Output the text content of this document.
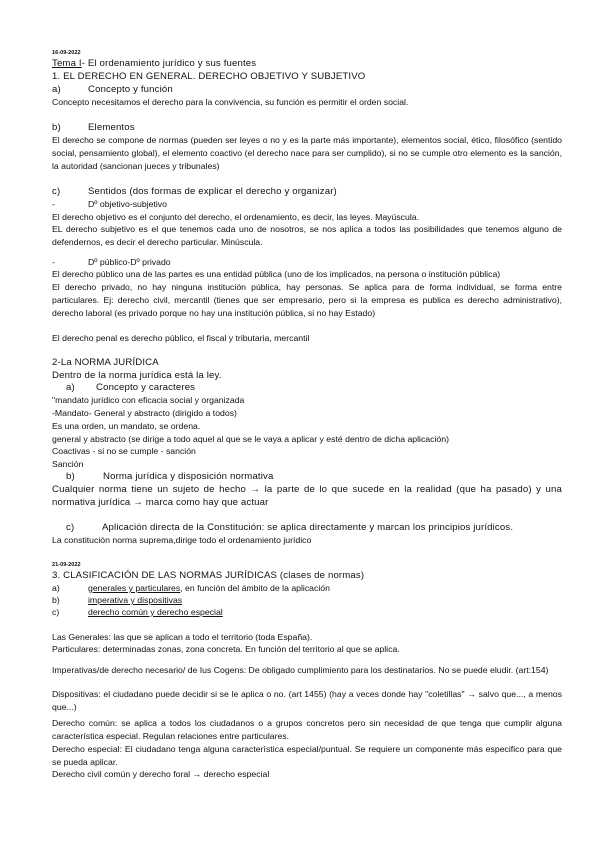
16-09-2022
Tema I- El ordenamiento jurídico y sus fuentes
1. EL DERECHO EN GENERAL. DERECHO OBJETIVO Y SUBJETIVO
a)	Concepto y función
Concepto necesitamos el derecho para la convivencia, su función es permitir el orden social.
b)	Elementos
El derecho se compone de normas (pueden ser leyes o no y es la parte más importante), elementos social, ético, filosófico (sentido social, pensamiento global), el elemento coactivo (el derecho nace para ser cumplido), si no se cumple otro elemento es la sanción, la autoridad (sancionan jueces y tribunales)
c)	Sentidos (dos formas de explicar el derecho y organizar)
-	Dº objetivo-subjetivo
El derecho objetivo es el conjunto del derecho, el ordenamiento, es decir, las leyes. Mayúscula.
EL derecho subjetivo es el que tenemos cada uno de nosotros, se nos aplica a todos las posibilidades que tenemos alguno de defendernos, es decir el derecho particular. Minúscula.
-	Dº público-Dº privado
El derecho público una de las partes es una entidad pública (uno de los implicados, na persona o institución pública)
El derecho privado, no hay ninguna institución pública, hay personas. Se aplica para de forma individual, se forma entre particulares. Ej: derecho civil, mercantil (tienes que ser empresario, pero si la empresa es publica es derecho administrativo), derecho laboral (es privado porque no hay una institución pública, si no hay Estado)
El derecho penal es derecho público, el fiscal y tributaria, mercantil
2-La NORMA JURÍDICA
Dentro de la norma jurídica está la ley.
a) Concepto y caracteres
"mandato jurídico con eficacia social y organizada
-Mandato- General y abstracto (dirigido a todos)
Es una orden, un mandato, se ordena.
general y abstracto (se dirige a todo aquel al que se le vaya a aplicar y esté dentro de dicha aplicación)
Coactivas - si no se cumple - sanción
Sanción
b)	Norma jurídica y disposición normativa
Cualquier norma tiene un sujeto de hecho → la parte de lo que sucede en la realidad (que ha pasado) y una normativa jurídica → marca como hay que actuar
c)	Aplicación directa de la Constitución: se aplica directamente y marcan los principios jurídicos.
La constitución norma suprema,dirige todo el ordenamiento jurídico
21-09-2022
3. CLASIFICACIÓN DE LAS NORMAS JURÍDICAS (clases de normas)
a)	generales y particulares, en función del ámbito de la aplicación
b)	imperativa y dispositivas
c)	derecho común y derecho especial
Las Generales: las que se aplican a todo el territorio (toda España).
Particulares: determinadas zonas, zona concreta. En función del territorio al que se aplica.
Imperativas/de derecho necesario/ de Ius Cogens: De obligado cumplimiento para los destinatarios. No se puede eludir. (art:154)
Dispositivas: el ciudadano puede decidir si se le aplica o no. (art 1455) (hay a veces donde hay "coletillas" → salvo que..., a menos que...)
Derecho común: se aplica a todos los ciudadanos o a grupos concretos pero sin necesidad de que tenga que cumplir alguna característica especial. Regulan relaciones entre particulares.
Derecho especial: El ciudadano tenga alguna característica especial/puntual. Se requiere un componente más especifico para que se pueda aplicar.
Derecho civil común y derecho foral → derecho especial
